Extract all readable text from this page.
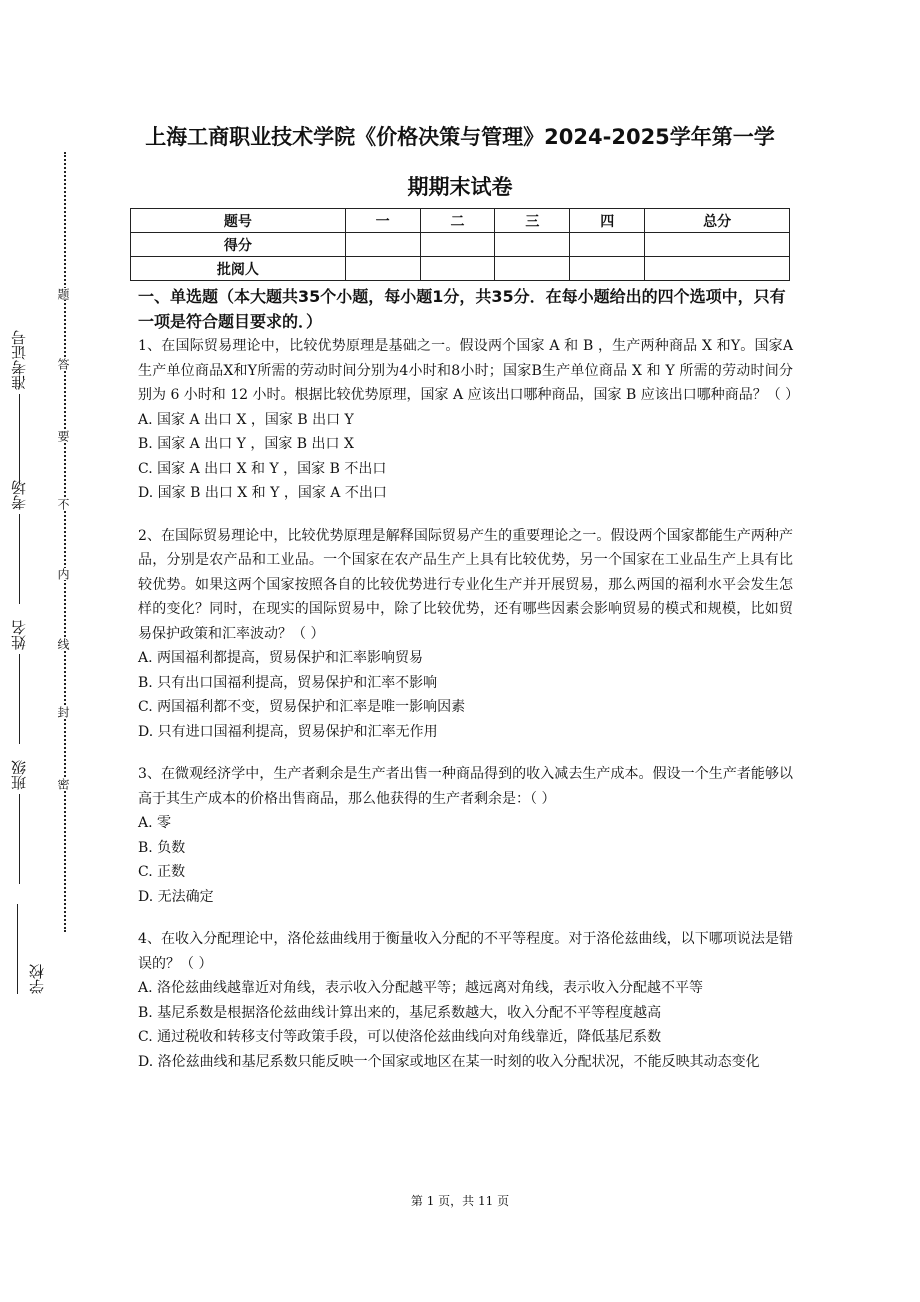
准考证号
考场
姓名
班级
学校
题
答
要
不
内
线
封
密
上海工商职业技术学院《价格决策与管理》2024-2025学年第一学
期期末试卷
题号	一	二	三	四	总分
得分					
批阅人					
一、单选题（本大题共35个小题，每小题1分，共35分．在每小题给出的四个选项中，只有一项是符合题目要求的．）

1、在国际贸易理论中，比较优势原理是基础之一。假设两个国家 A 和 B ，生产两种商品 X 和Y。国家A生产单位商品X和Y所需的劳动时间分别为4小时和8小时；国家B生产单位商品 X 和 Y 所需的劳动时间分别为 6 小时和 12 小时。根据比较优势原理，国家 A 应该出口哪种商品，国家 B 应该出口哪种商品？（ ）

A. 国家 A 出口 X ，国家 B 出口 Y
B. 国家 A 出口 Y ，国家 B 出口 X
C. 国家 A 出口 X 和 Y ，国家 B 不出口
D. 国家 B 出口 X 和 Y ，国家 A 不出口

2、在国际贸易理论中，比较优势原理是解释国际贸易产生的重要理论之一。假设两个国家都能生产两种产品，分别是农产品和工业品。一个国家在农产品生产上具有比较优势，另一个国家在工业品生产上具有比较优势。如果这两个国家按照各自的比较优势进行专业化生产并开展贸易，那么两国的福利水平会发生怎样的变化？同时，在现实的国际贸易中，除了比较优势，还有哪些因素会影响贸易的模式和规模，比如贸易保护政策和汇率波动？（ ）

A. 两国福利都提高，贸易保护和汇率影响贸易
B. 只有出口国福利提高，贸易保护和汇率不影响
C. 两国福利都不变，贸易保护和汇率是唯一影响因素
D. 只有进口国福利提高，贸易保护和汇率无作用

3、在微观经济学中，生产者剩余是生产者出售一种商品得到的收入减去生产成本。假设一个生产者能够以高于其生产成本的价格出售商品，那么他获得的生产者剩余是：（ ）

A. 零
B. 负数
C. 正数
D. 无法确定

4、在收入分配理论中，洛伦兹曲线用于衡量收入分配的不平等程度。对于洛伦兹曲线，以下哪项说法是错误的？（ ）

A. 洛伦兹曲线越靠近对角线，表示收入分配越平等；越远离对角线，表示收入分配越不平等
B. 基尼系数是根据洛伦兹曲线计算出来的，基尼系数越大，收入分配不平等程度越高
C. 通过税收和转移支付等政策手段，可以使洛伦兹曲线向对角线靠近，降低基尼系数
D. 洛伦兹曲线和基尼系数只能反映一个国家或地区在某一时刻的收入分配状况，不能反映其动态变化
第 1 页，共 11 页
